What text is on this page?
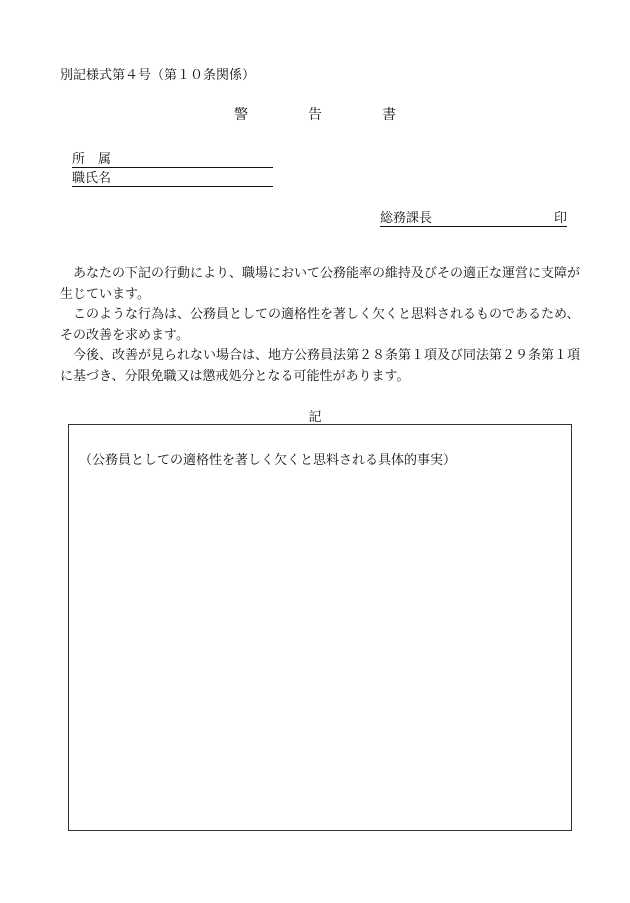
別記様式第４号（第１０条関係）
警　告　書
所　属
職氏名
総務課長	印

あなたの下記の行動により、職場において公務能率の維持及びその適正な運営に支障が生じています。

このような行為は、公務員としての適格性を著しく欠くと思料されるものであるため、その改善を求めます。

今後、改善が見られない場合は、地方公務員法第２８条第１項及び同法第２９条第１項に基づき、分限免職又は懲戒処分となる可能性があります。

記
（公務員としての適格性を著しく欠くと思料される具体的事実）
